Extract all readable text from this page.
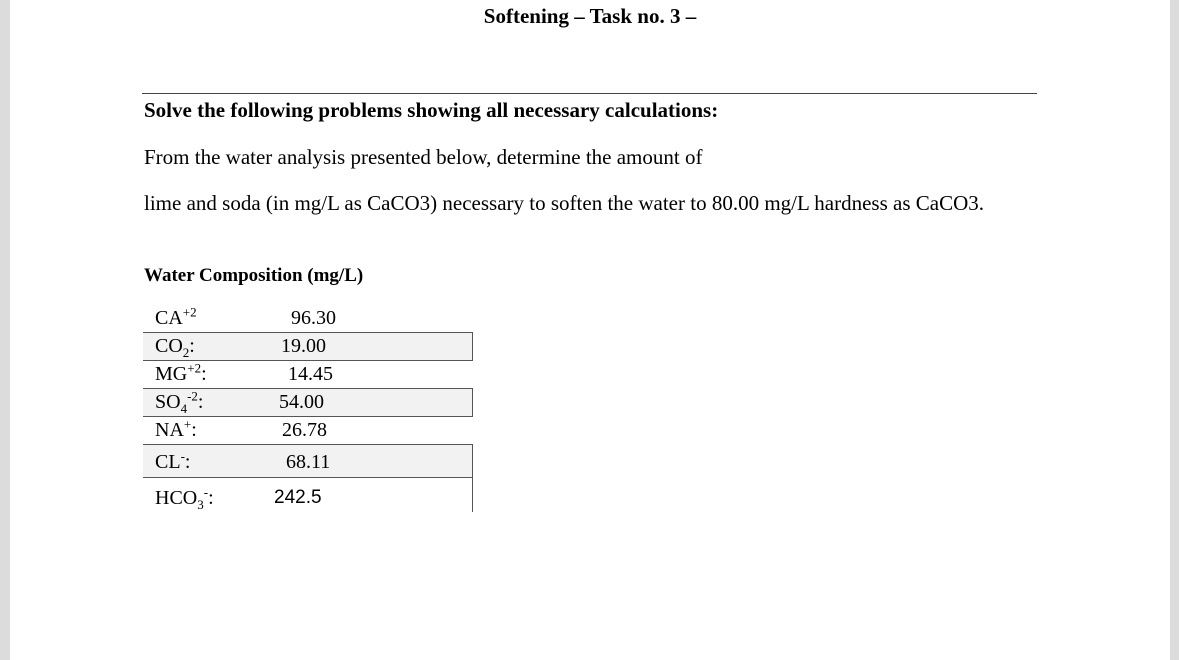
Softening – Task no. 3 –
Solve the following problems showing all necessary calculations:
From the water analysis presented below, determine the amount of
lime and soda (in mg/L as CaCO3) necessary to soften the water to 80.00 mg/L hardness as CaCO3.
Water Composition (mg/L)
$CA^{+2}$	96.30
$CO_2$:	19.00
$MG^{+2}$:	14.45
$SO_4^{-2}$:	54.00
NA+:	26.78
CL-:	68.11
$HCO_3^-$:	242.5
